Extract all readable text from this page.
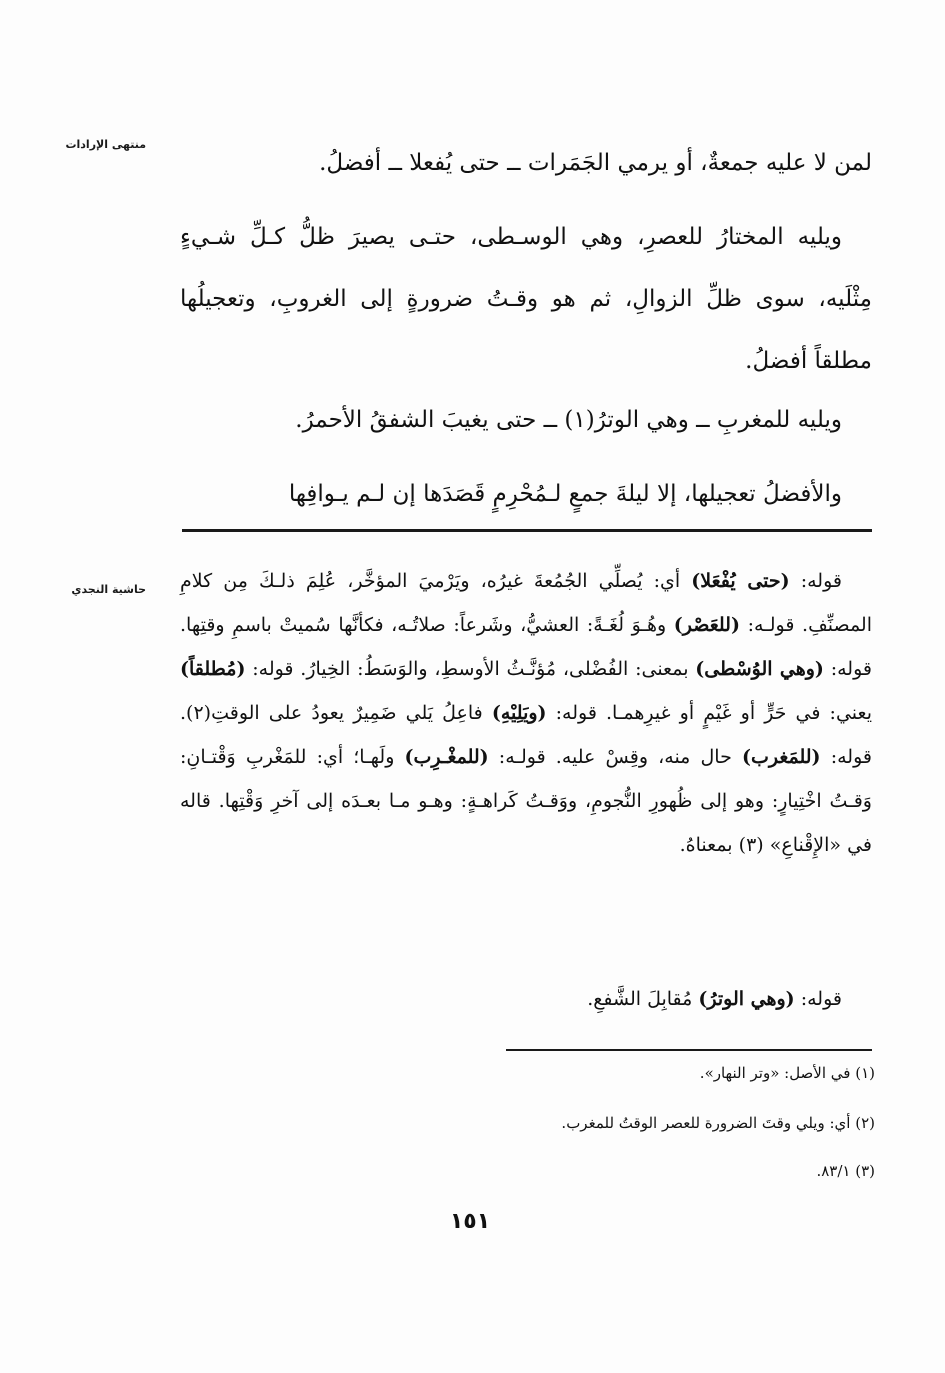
منتهى الإرادات
حاشية النجدي

لمن لا عليه جمعةٌ، أو يرمي الجَمَرات ــ حتى يُفعلا ــ أفضلُ.

ويليه المختارُ للعصرِ، وهي الوسـطى، حتـى يصيرَ ظلُّ كـلِّ شـيءٍ مِثْلَيه، سوى ظلِّ الزوالِ، ثم هو وقـتُ ضرورةٍ إلى الغروبِ، وتعجيلُها مطلقاً أفضلُ.

ويليه للمغربِ ــ وهي الوترُ(١) ــ حتى يغيبَ الشفقُ الأحمرُ.

والأفضلُ تعجيلها، إلا ليلةَ جمعٍ لـمُحْرِمٍ قَصَدَها إن لـم يـوافِها

قوله: (حتى يُفْعَلا) أي: يُصلِّي الجُمُعةَ غيرُه، ويَرْميَ المؤخَّر، عُلِمَ ذلـكَ مِن كلامِ المصنِّفِ. قولـه: (للعَصْر) وهُـوَ لُغَـةً: العشيُّ، وشَرعاً: صلاتُـه، فكأنَّها سُميتْ باسمِ وقتِها. قوله: (وهي الوُسْطى) بمعنى: الفُضْلى، مُؤنَّـثُ الأوسطِ، والوَسَطُ: الخِيارُ. قوله: (مُطلقاً) يعني: في حَرٍّ أو غَيْمٍ أو غيرِهمـا. قوله: (ويَلِيْهِ) فاعِلُ يَلي ضَمِيرٌ يعودُ على الوقتِ(٢). قوله: (للمَغرب) حال منه، وقِسْ عليه. قولـه: (للمغْـرِب) ولَهـا؛ أي: للمَغْربِ وَقْتـانِ: وَقـتُ اخْتِيارٍ: وهو إلى ظُهورِ النُّجومِ، ووَقـتُ كَراهـةٍ: وهـو مـا بعـدَه إلى آخرِ وَقْتِها. قاله في «الإِقْناعِ» (٣) بمعناهُ.

قوله: (وهي الوترُ) مُقابِلَ الشَّفعِ.

(١) في الأصل: «وتر النهار».
(٢) أي: ويلي وقتَ الضرورة للعصر الوقتُ للمغرب.
(٣) ٨٣/١.
١٥١
